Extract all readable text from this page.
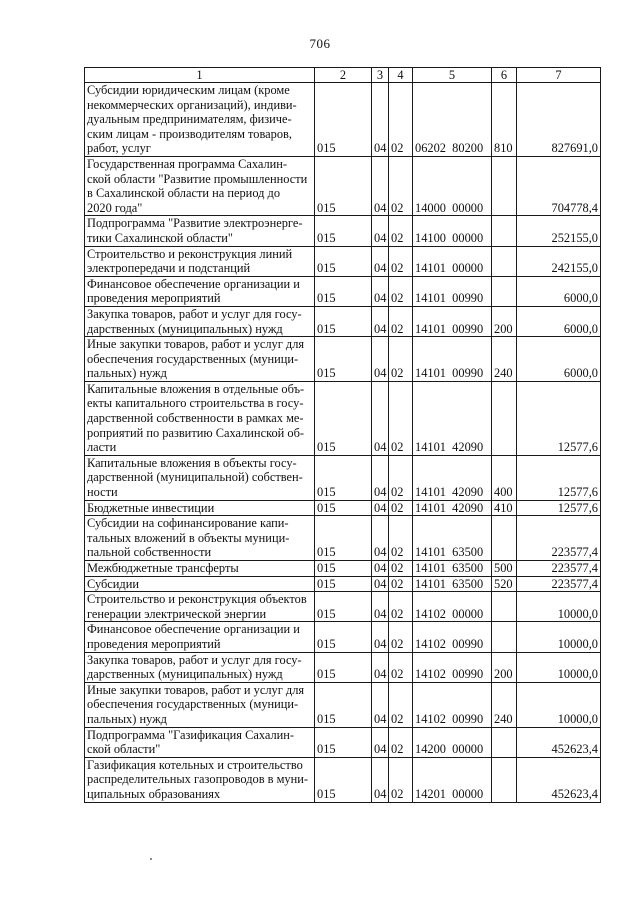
706
1	2	3	4	5	6	7
Субсидии юридическим лицам (кроме
некоммерческих организаций), индиви-
дуальным предпринимателям, физиче-
ским лицам - производителям товаров,
работ, услуг	015	04	02	06202  80200	810	827691,0
Государственная программа Сахалин-
ской области "Развитие промышленности
в Сахалинской области на период до
2020 года"	015	04	02	14000  00000		704778,4
Подпрограмма "Развитие электроэнерге-
тики Сахалинской области"	015	04	02	14100  00000		252155,0
Строительство и реконструкция линий
электропередачи и подстанций	015	04	02	14101  00000		242155,0
Финансовое обеспечение организации и
проведения мероприятий	015	04	02	14101  00990		6000,0
Закупка товаров, работ и услуг для госу-
дарственных (муниципальных) нужд	015	04	02	14101  00990	200	6000,0
Иные закупки товаров, работ и услуг для
обеспечения государственных (муници-
пальных) нужд	015	04	02	14101  00990	240	6000,0
Капитальные вложения в отдельные объ-
екты капитального строительства в госу-
дарственной собственности в рамках ме-
роприятий по развитию Сахалинской об-
ласти	015	04	02	14101  42090		12577,6
Капитальные вложения в объекты госу-
дарственной (муниципальной) собствен-
ности	015	04	02	14101  42090	400	12577,6
Бюджетные инвестиции	015	04	02	14101  42090	410	12577,6
Субсидии на софинансирование капи-
тальных вложений в объекты муници-
пальной собственности	015	04	02	14101  63500		223577,4
Межбюджетные трансферты	015	04	02	14101  63500	500	223577,4
Субсидии	015	04	02	14101  63500	520	223577,4
Строительство и реконструкция объектов
генерации электрической энергии	015	04	02	14102  00000		10000,0
Финансовое обеспечение организации и
проведения мероприятий	015	04	02	14102  00990		10000,0
Закупка товаров, работ и услуг для госу-
дарственных (муниципальных) нужд	015	04	02	14102  00990	200	10000,0
Иные закупки товаров, работ и услуг для
обеспечения государственных (муници-
пальных) нужд	015	04	02	14102  00990	240	10000,0
Подпрограмма "Газификация Сахалин-
ской области"	015	04	02	14200  00000		452623,4
Газификация котельных и строительство
распределительных газопроводов в муни-
ципальных образованиях	015	04	02	14201  00000		452623,4
